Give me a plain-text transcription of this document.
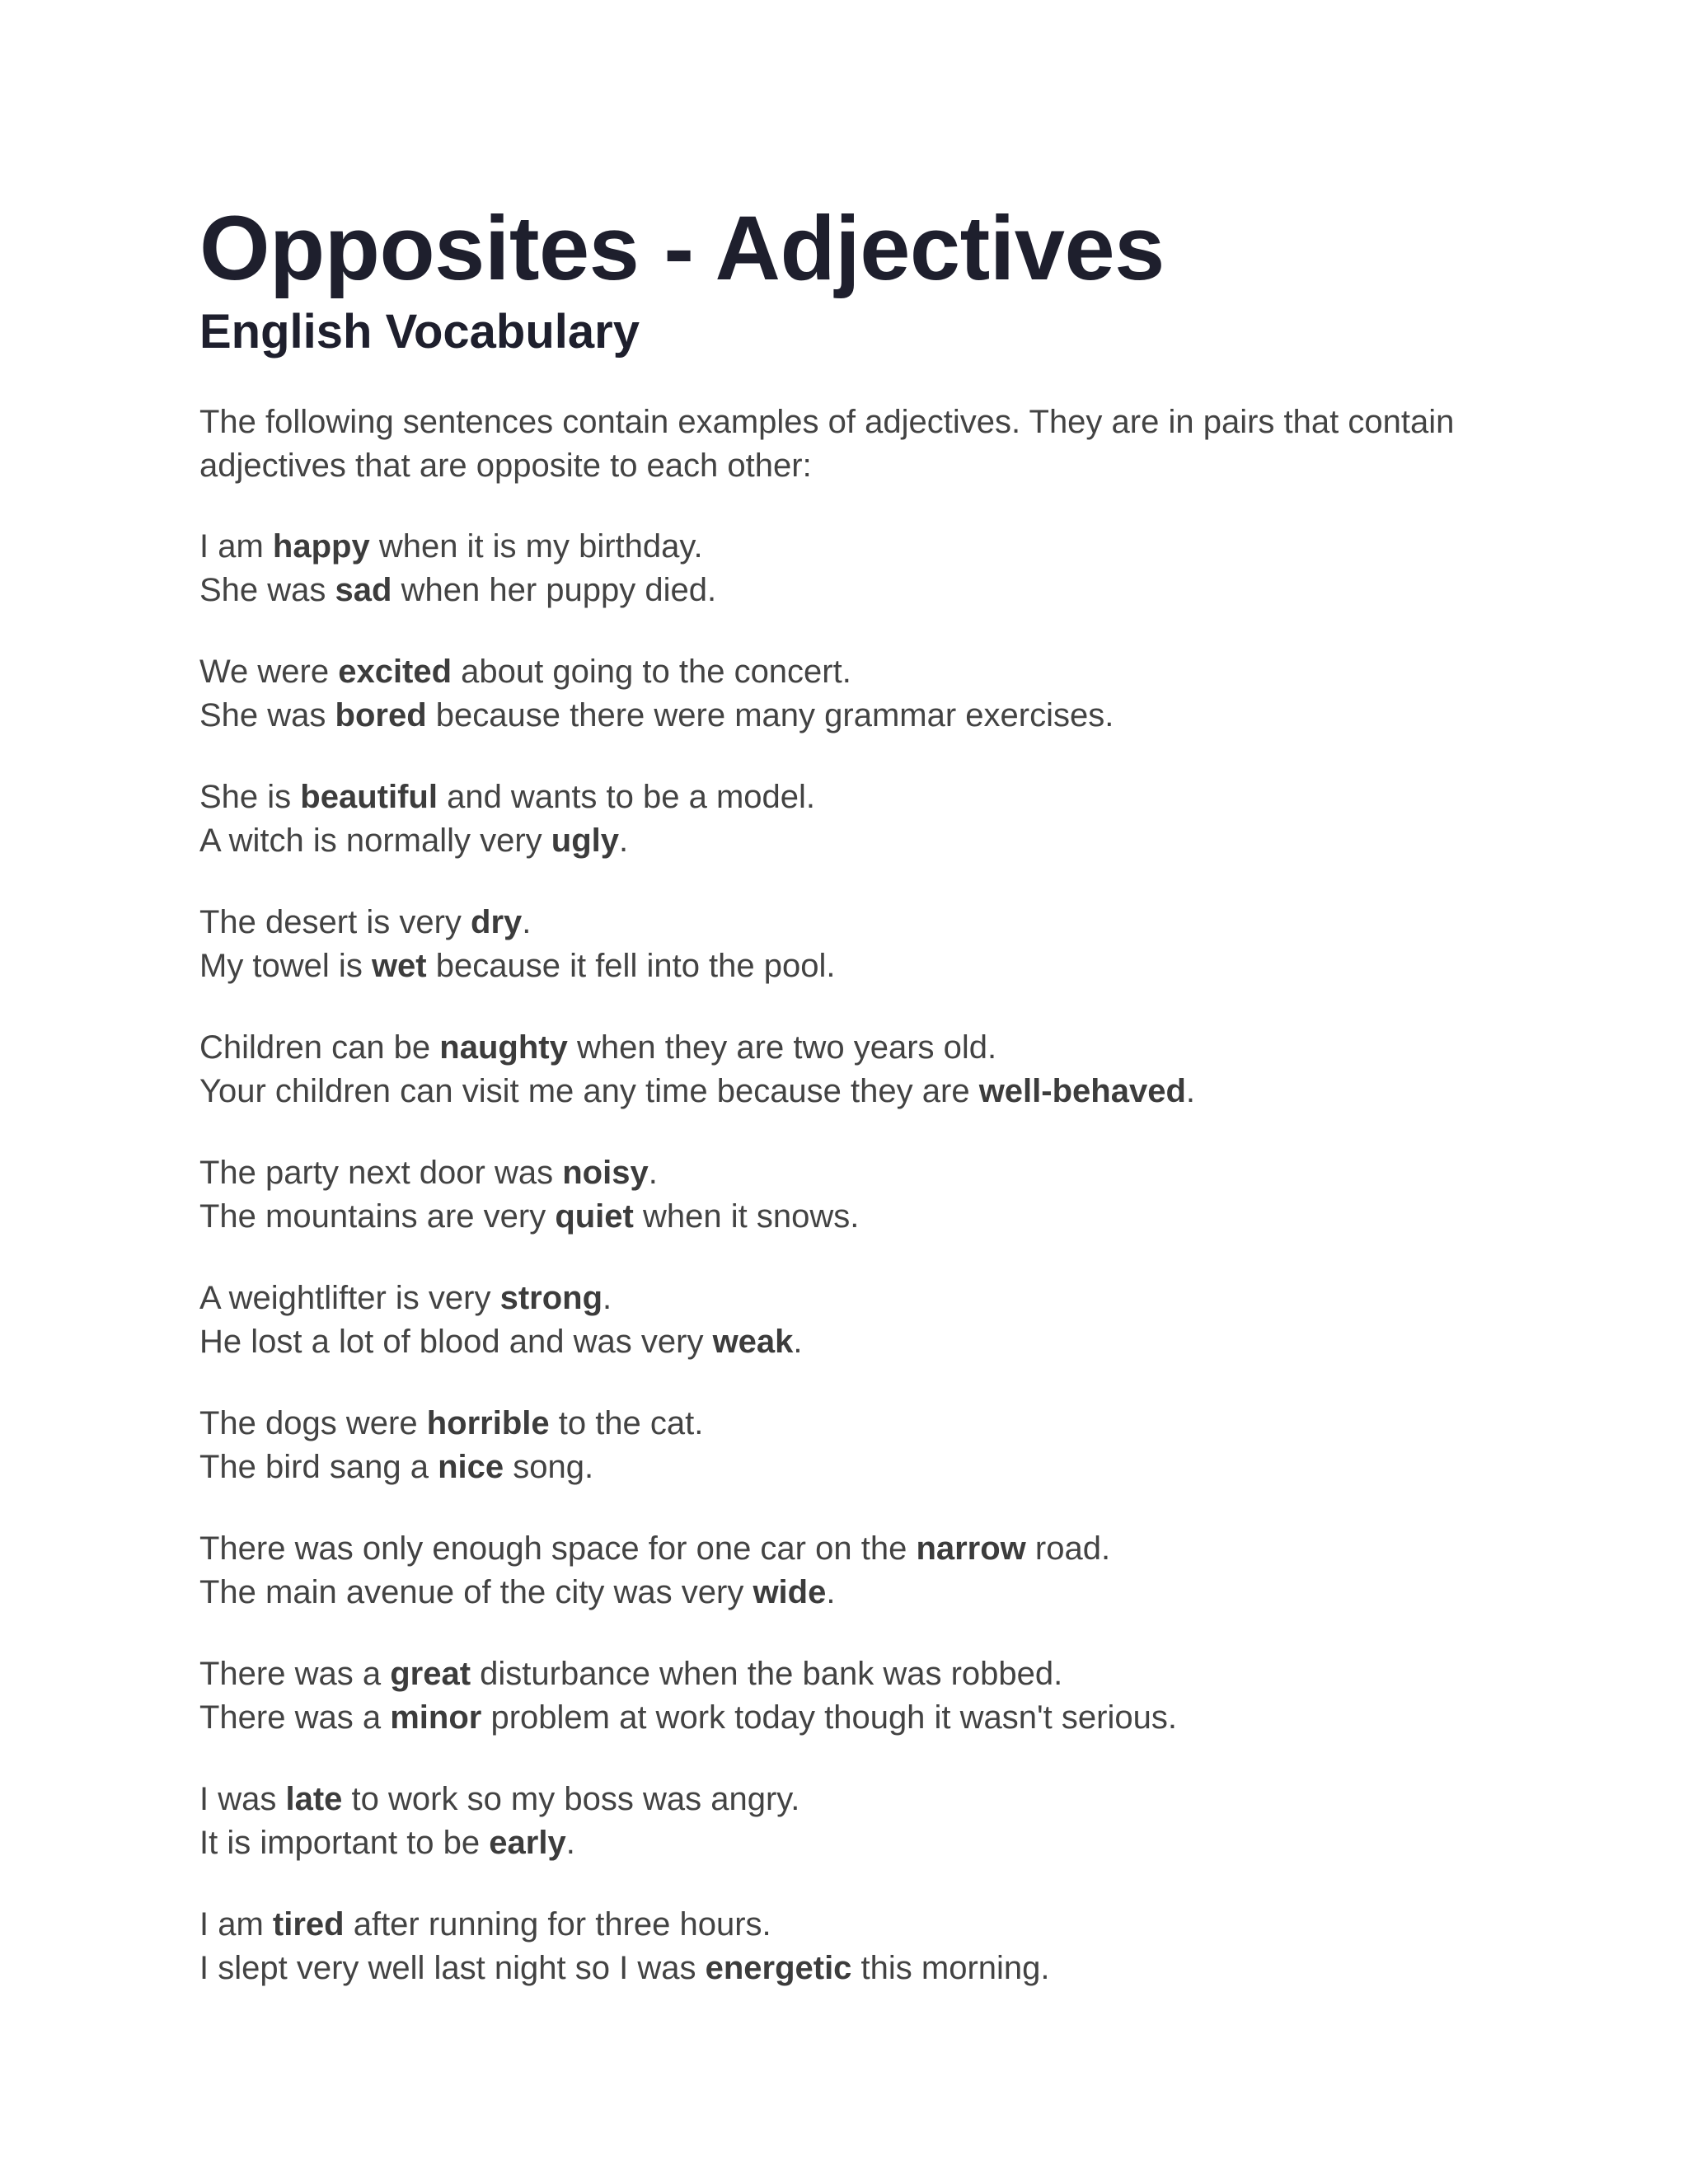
Opposites - Adjectives
English Vocabulary

The following sentences contain examples of adjectives. They are in pairs that contain adjectives that are opposite to each other:

I am happy when it is my birthday.
She was sad when her puppy died.
We were excited about going to the concert.
She was bored because there were many grammar exercises.
She is beautiful and wants to be a model.
A witch is normally very ugly.
The desert is very dry.
My towel is wet because it fell into the pool.
Children can be naughty when they are two years old.
Your children can visit me any time because they are well-behaved.
The party next door was noisy.
The mountains are very quiet when it snows.
A weightlifter is very strong.
He lost a lot of blood and was very weak.
The dogs were horrible to the cat.
The bird sang a nice song.
There was only enough space for one car on the narrow road.
The main avenue of the city was very wide.
There was a great disturbance when the bank was robbed.
There was a minor problem at work today though it wasn't serious.
I was late to work so my boss was angry.
It is important to be early.
I am tired after running for three hours.
I slept very well last night so I was energetic this morning.
